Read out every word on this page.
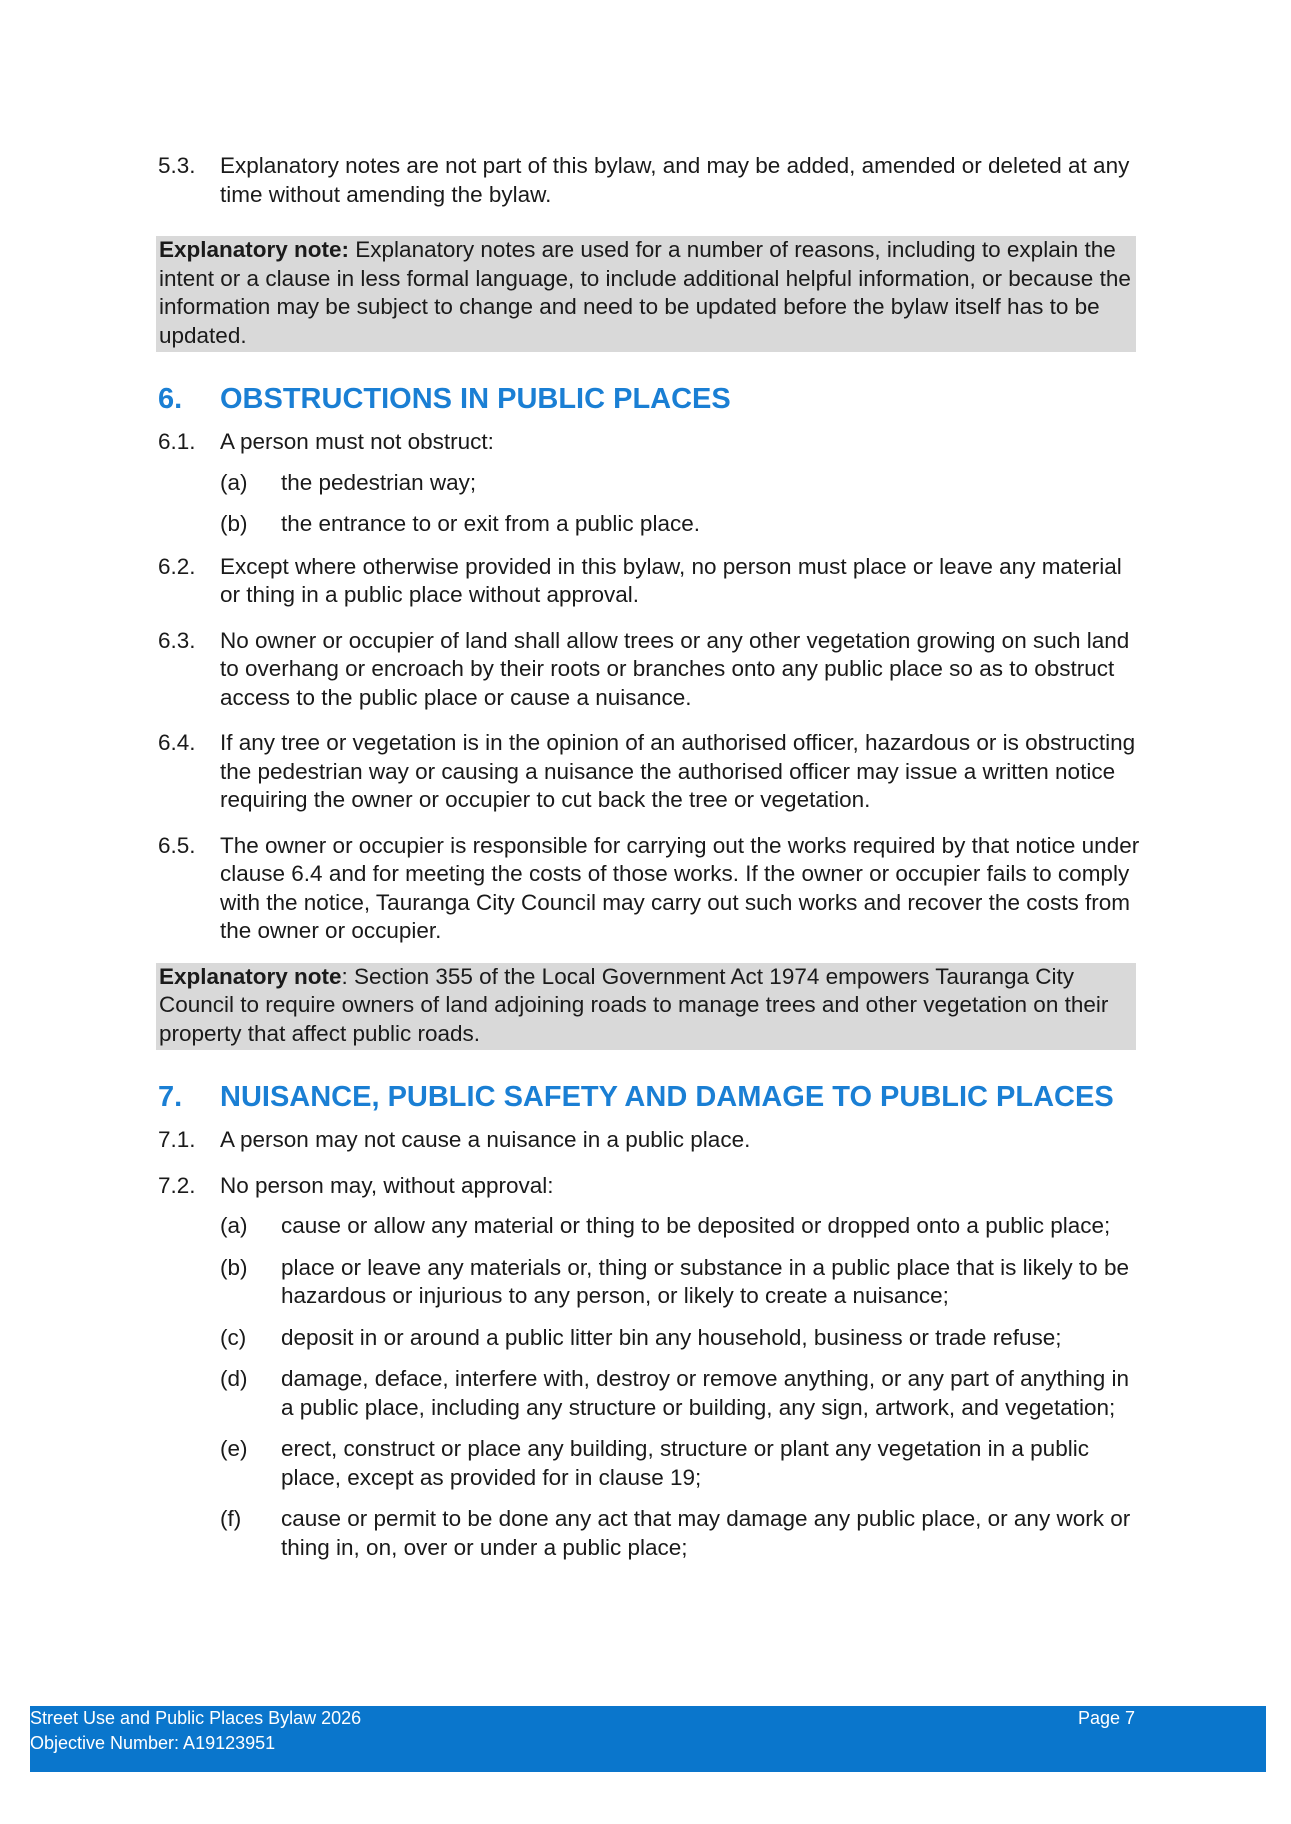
5.3.	Explanatory notes are not part of this bylaw, and may be added, amended or deleted at any time without amending the bylaw.
Explanatory note: Explanatory notes are used for a number of reasons, including to explain the intent or a clause in less formal language, to include additional helpful information, or because the information may be subject to change and need to be updated before the bylaw itself has to be updated.
6.	OBSTRUCTIONS IN PUBLIC PLACES
6.1.	A person must not obstruct:
(a)	the pedestrian way;
(b)	the entrance to or exit from a public place.
6.2.	Except where otherwise provided in this bylaw, no person must place or leave any material or thing in a public place without approval.
6.3.	No owner or occupier of land shall allow trees or any other vegetation growing on such land to overhang or encroach by their roots or branches onto any public place so as to obstruct access to the public place or cause a nuisance.
6.4.	If any tree or vegetation is in the opinion of an authorised officer, hazardous or is obstructing the pedestrian way or causing a nuisance the authorised officer may issue a written notice requiring the owner or occupier to cut back the tree or vegetation.
6.5.	The owner or occupier is responsible for carrying out the works required by that notice under clause 6.4 and for meeting the costs of those works. If the owner or occupier fails to comply with the notice, Tauranga City Council may carry out such works and recover the costs from the owner or occupier.
Explanatory note: Section 355 of the Local Government Act 1974 empowers Tauranga City Council to require owners of land adjoining roads to manage trees and other vegetation on their property that affect public roads.
7.	NUISANCE, PUBLIC SAFETY AND DAMAGE TO PUBLIC PLACES
7.1.	A person may not cause a nuisance in a public place.
7.2.	No person may, without approval:
(a)	cause or allow any material or thing to be deposited or dropped onto a public place;
(b)	place or leave any materials or, thing or substance in a public place that is likely to be hazardous or injurious to any person, or likely to create a nuisance;
(c)	deposit in or around a public litter bin any household, business or trade refuse;
(d)	damage, deface, interfere with, destroy or remove anything, or any part of anything in a public place, including any structure or building, any sign, artwork, and vegetation;
(e)	erect, construct or place any building, structure or plant any vegetation in a public place, except as provided for in clause 19;
(f)	cause or permit to be done any act that may damage any public place, or any work or thing in, on, over or under a public place;
Street Use and Public Places Bylaw 2026
Objective Number: A19123951
Page 7
